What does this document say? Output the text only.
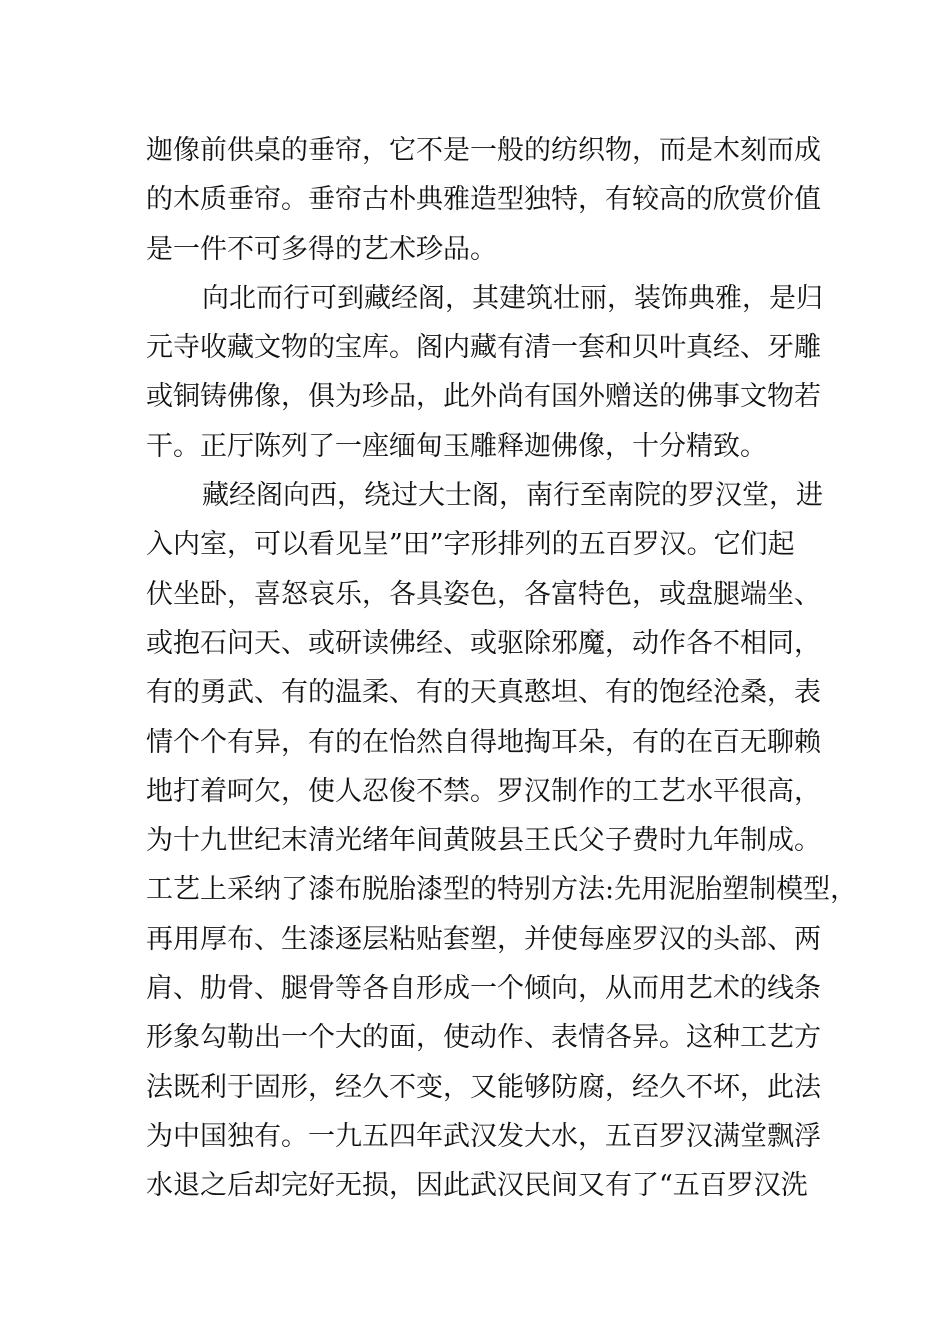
迦像前供桌的垂帘，它不是一般的纺织物，而是木刻而成
的木质垂帘。垂帘古朴典雅造型独特，有较高的欣赏价值
是一件不可多得的艺术珍品。
向北而行可到藏经阁，其建筑壮丽，装饰典雅，是归
元寺收藏文物的宝库。阁内藏有清一套和贝叶真经、牙雕
或铜铸佛像，俱为珍品，此外尚有国外赠送的佛事文物若
干。正厅陈列了一座缅甸玉雕释迦佛像，十分精致。
藏经阁向西，绕过大士阁，南行至南院的罗汉堂，进
入内室，可以看见呈”田”字形排列的五百罗汉。它们起
伏坐卧，喜怒哀乐，各具姿色，各富特色，或盘腿端坐、
或抱石问天、或研读佛经、或驱除邪魔，动作各不相同，
有的勇武、有的温柔、有的天真憨坦、有的饱经沧桑，表
情个个有异，有的在怡然自得地掏耳朵，有的在百无聊赖
地打着呵欠，使人忍俊不禁。罗汉制作的工艺水平很高，
为十九世纪末清光绪年间黄陂县王氏父子费时九年制成。
工艺上采纳了漆布脱胎漆型的特别方法:先用泥胎塑制模型，
再用厚布、生漆逐层粘贴套塑，并使每座罗汉的头部、两
肩、肋骨、腿骨等各自形成一个倾向，从而用艺术的线条
形象勾勒出一个大的面，使动作、表情各异。这种工艺方
法既利于固形，经久不变，又能够防腐，经久不坏，此法
为中国独有。一九五四年武汉发大水，五百罗汉满堂飘浮
水退之后却完好无损，因此武汉民间又有了“五百罗汉洗
